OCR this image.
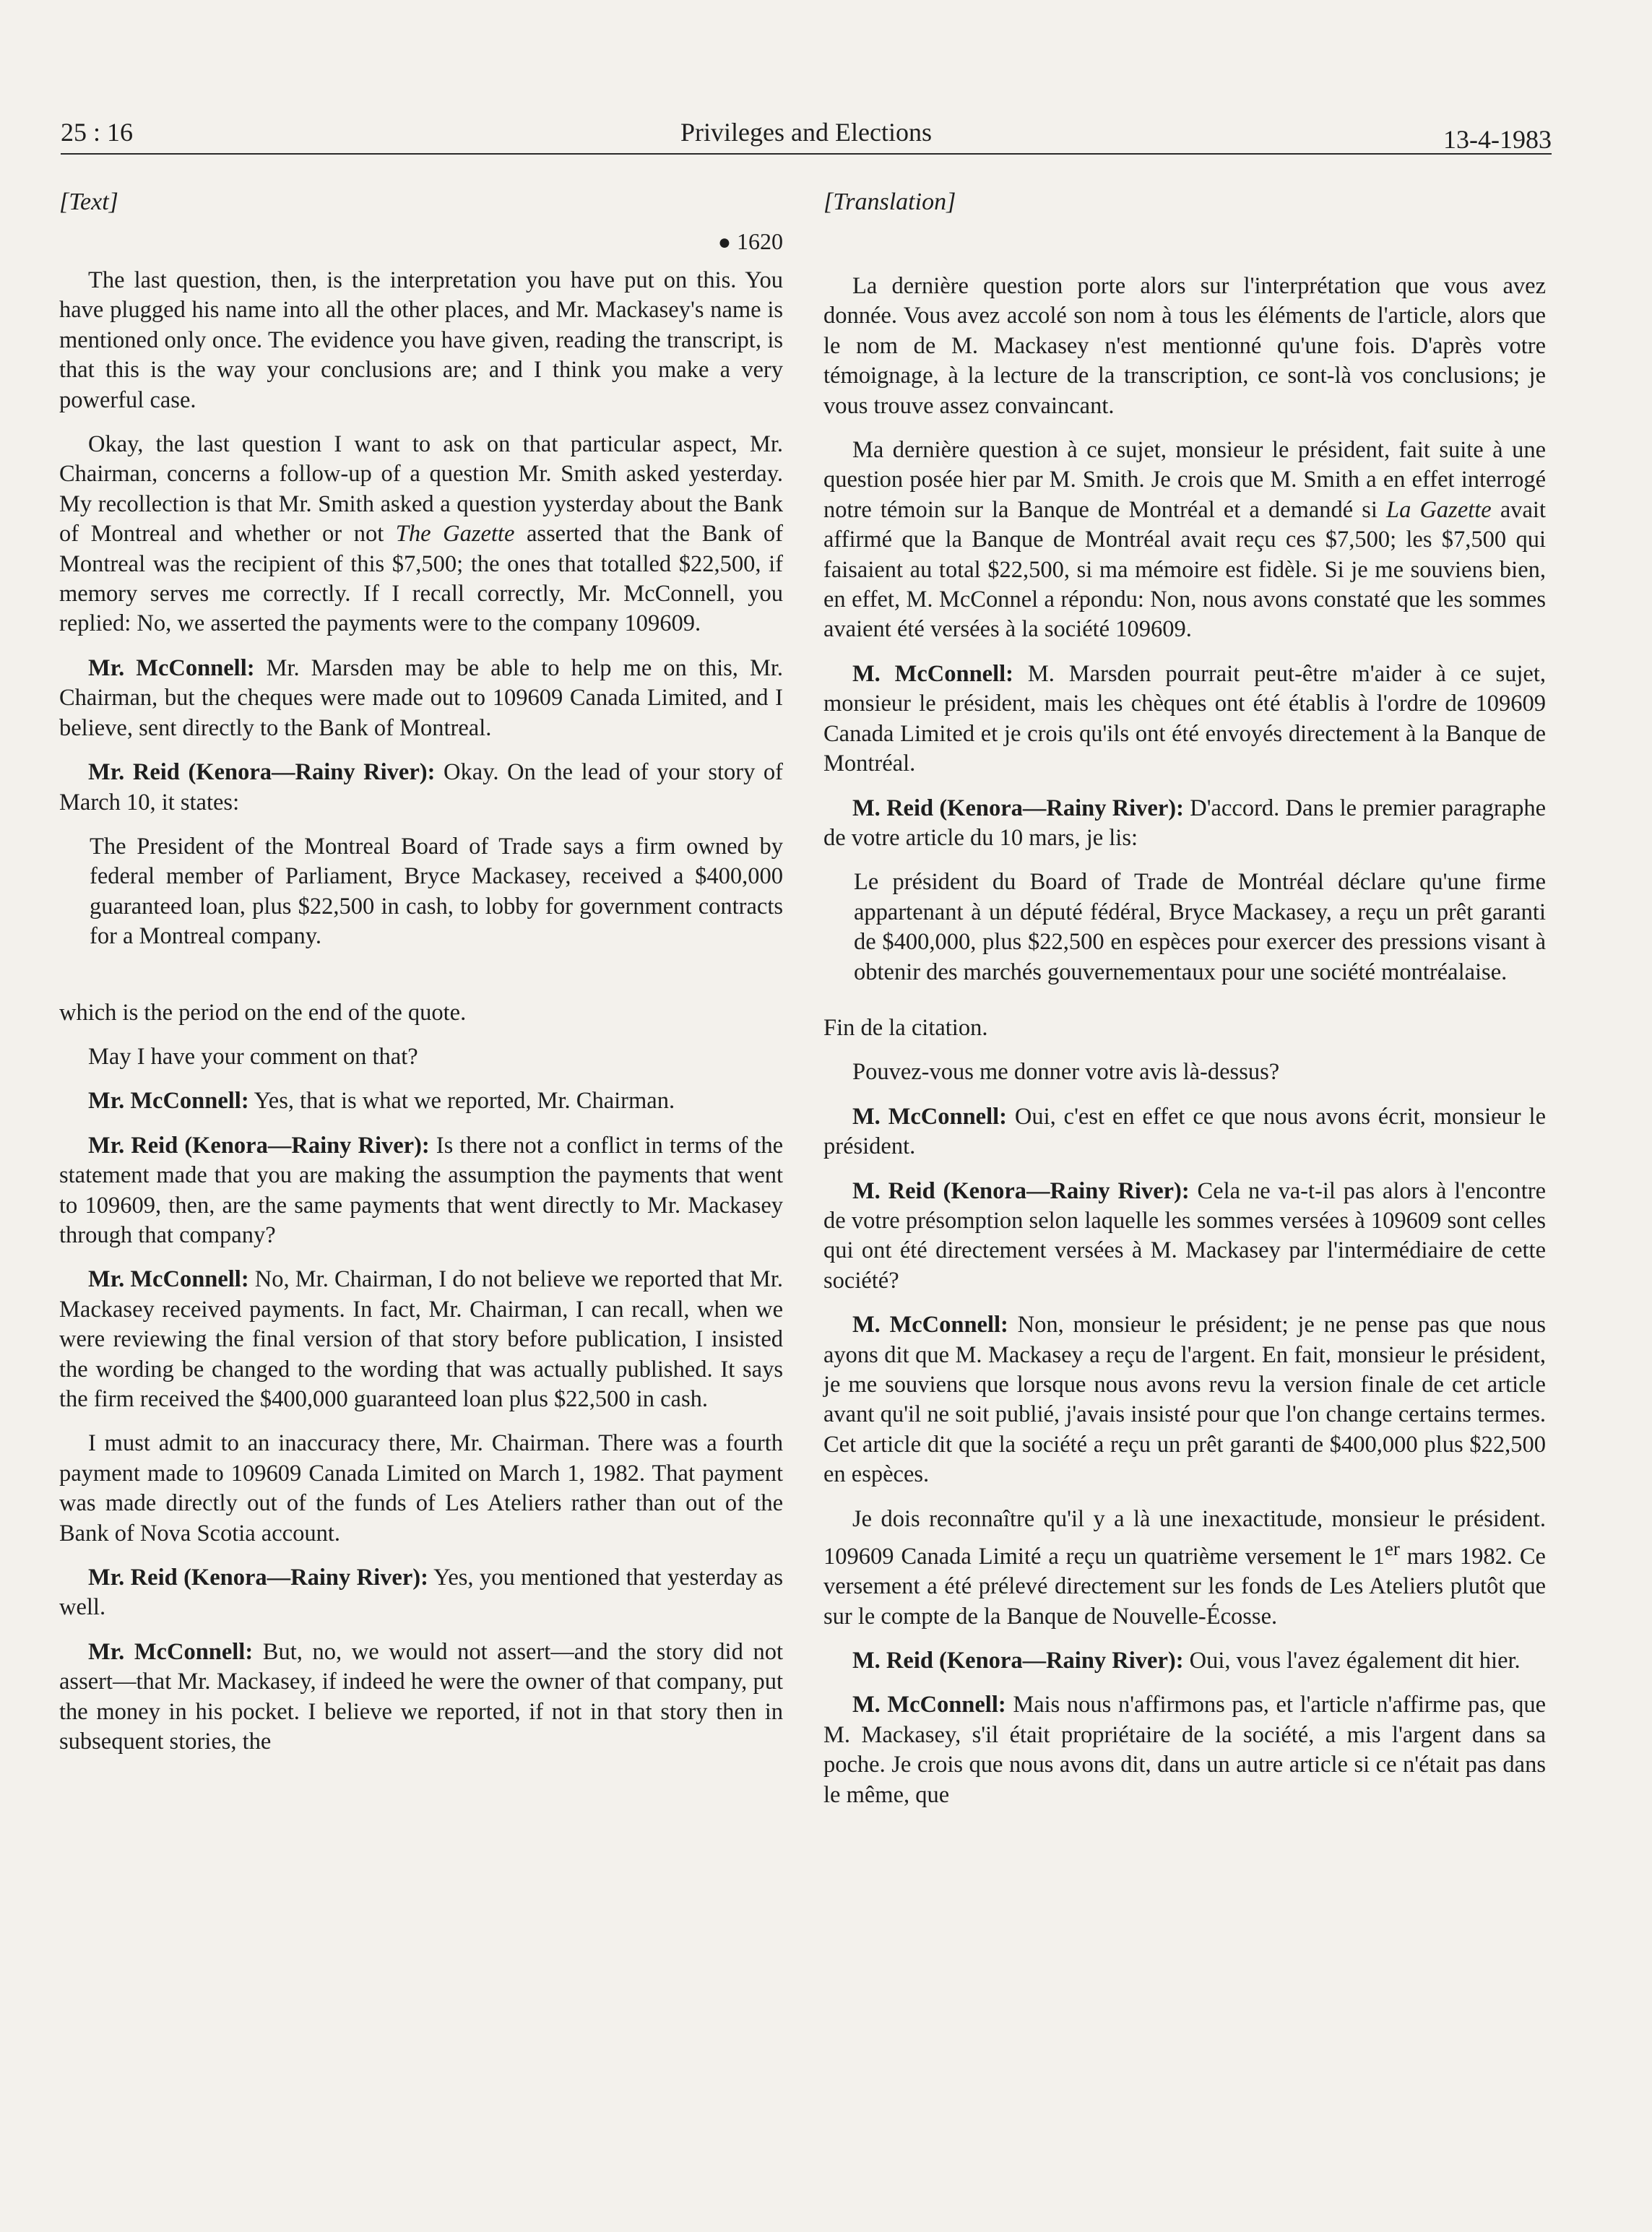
25 : 16	Privileges and Elections	13-4-1983
[Text]
● 1620

The last question, then, is the interpretation you have put on this. You have plugged his name into all the other places, and Mr. Mackasey's name is mentioned only once. The evidence you have given, reading the transcript, is that this is the way your conclusions are; and I think you make a very powerful case.

Okay, the last question I want to ask on that particular aspect, Mr. Chairman, concerns a follow-up of a question Mr. Smith asked yesterday. My recollection is that Mr. Smith asked a question yysterday about the Bank of Montreal and whether or not The Gazette asserted that the Bank of Montreal was the recipient of this $7,500; the ones that totalled $22,500, if memory serves me correctly. If I recall correctly, Mr. McConnell, you replied: No, we asserted the payments were to the company 109609.

Mr. McConnell: Mr. Marsden may be able to help me on this, Mr. Chairman, but the cheques were made out to 109609 Canada Limited, and I believe, sent directly to the Bank of Montreal.

Mr. Reid (Kenora—Rainy River): Okay. On the lead of your story of March 10, it states:

The President of the Montreal Board of Trade says a firm owned by federal member of Parliament, Bryce Mackasey, received a $400,000 guaranteed loan, plus $22,500 in cash, to lobby for government contracts for a Montreal company.

which is the period on the end of the quote.

May I have your comment on that?

Mr. McConnell: Yes, that is what we reported, Mr. Chairman.

Mr. Reid (Kenora—Rainy River): Is there not a conflict in terms of the statement made that you are making the assumption the payments that went to 109609, then, are the same payments that went directly to Mr. Mackasey through that company?

Mr. McConnell: No, Mr. Chairman, I do not believe we reported that Mr. Mackasey received payments. In fact, Mr. Chairman, I can recall, when we were reviewing the final version of that story before publication, I insisted the wording be changed to the wording that was actually published. It says the firm received the $400,000 guaranteed loan plus $22,500 in cash.

I must admit to an inaccuracy there, Mr. Chairman. There was a fourth payment made to 109609 Canada Limited on March 1, 1982. That payment was made directly out of the funds of Les Ateliers rather than out of the Bank of Nova Scotia account.

Mr. Reid (Kenora—Rainy River): Yes, you mentioned that yesterday as well.

Mr. McConnell: But, no, we would not assert—and the story did not assert—that Mr. Mackasey, if indeed he were the owner of that company, put the money in his pocket. I believe we reported, if not in that story then in subsequent stories, the

[Translation]

La dernière question porte alors sur l'interprétation que vous avez donnée. Vous avez accolé son nom à tous les éléments de l'article, alors que le nom de M. Mackasey n'est mentionné qu'une fois. D'après votre témoignage, à la lecture de la transcription, ce sont-là vos conclusions; je vous trouve assez convaincant.

Ma dernière question à ce sujet, monsieur le président, fait suite à une question posée hier par M. Smith. Je crois que M. Smith a en effet interrogé notre témoin sur la Banque de Montréal et a demandé si La Gazette avait affirmé que la Banque de Montréal avait reçu ces $7,500; les $7,500 qui faisaient au total $22,500, si ma mémoire est fidèle. Si je me souviens bien, en effet, M. McConnel a répondu: Non, nous avons constaté que les sommes avaient été versées à la société 109609.

M. McConnell: M. Marsden pourrait peut-être m'aider à ce sujet, monsieur le président, mais les chèques ont été établis à l'ordre de 109609 Canada Limited et je crois qu'ils ont été envoyés directement à la Banque de Montréal.

M. Reid (Kenora—Rainy River): D'accord. Dans le premier paragraphe de votre article du 10 mars, je lis:

Le président du Board of Trade de Montréal déclare qu'une firme appartenant à un député fédéral, Bryce Mackasey, a reçu un prêt garanti de $400,000, plus $22,500 en espèces pour exercer des pressions visant à obtenir des marchés gouvernementaux pour une société montréalaise.

Fin de la citation.

Pouvez-vous me donner votre avis là-dessus?

M. McConnell: Oui, c'est en effet ce que nous avons écrit, monsieur le président.

M. Reid (Kenora—Rainy River): Cela ne va-t-il pas alors à l'encontre de votre présomption selon laquelle les sommes versées à 109609 sont celles qui ont été directement versées à M. Mackasey par l'intermédiaire de cette société?

M. McConnell: Non, monsieur le président; je ne pense pas que nous ayons dit que M. Mackasey a reçu de l'argent. En fait, monsieur le président, je me souviens que lorsque nous avons revu la version finale de cet article avant qu'il ne soit publié, j'avais insisté pour que l'on change certains termes. Cet article dit que la société a reçu un prêt garanti de $400,000 plus $22,500 en espèces.

Je dois reconnaître qu'il y a là une inexactitude, monsieur le président. 109609 Canada Limité a reçu un quatrième versement le 1er mars 1982. Ce versement a été prélevé directement sur les fonds de Les Ateliers plutôt que sur le compte de la Banque de Nouvelle-Écosse.

M. Reid (Kenora—Rainy River): Oui, vous l'avez également dit hier.

M. McConnell: Mais nous n'affirmons pas, et l'article n'affirme pas, que M. Mackasey, s'il était propriétaire de la société, a mis l'argent dans sa poche. Je crois que nous avons dit, dans un autre article si ce n'était pas dans le même, que
